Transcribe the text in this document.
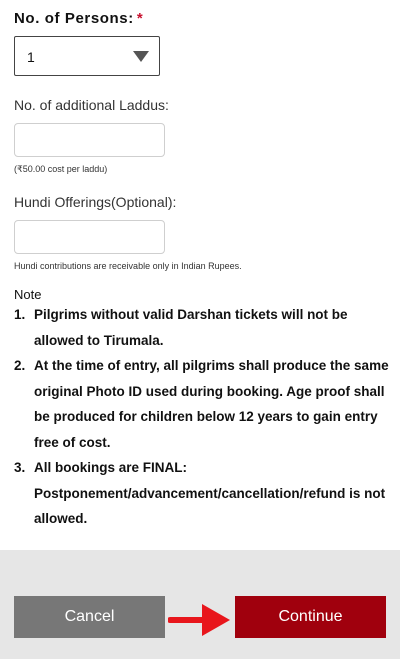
No. of Persons: *
1
No. of additional Laddus:
(₹50.00 cost per laddu)
Hundi Offerings(Optional):
Hundi contributions are receivable only in Indian Rupees.
Note
1. Pilgrims without valid Darshan tickets will not be allowed to Tirumala.
2. At the time of entry, all pilgrims shall produce the same original Photo ID used during booking. Age proof shall be produced for children below 12 years to gain entry free of cost.
3. All bookings are FINAL: Postponement/advancement/cancellation/refund is not allowed.
Cancel	Continue
